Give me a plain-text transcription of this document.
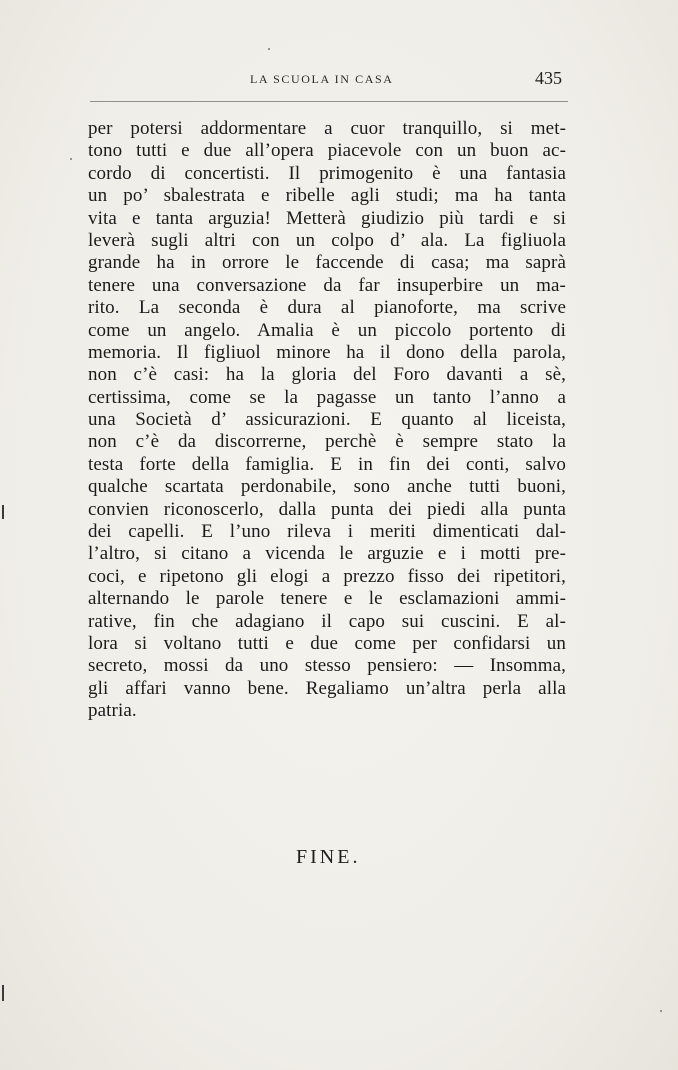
LA SCUOLA IN CASA	435
per potersi addormentare a cuor tranquillo, si met-
tono tutti e due all’opera piacevole con un buon ac-
cordo di concertisti. Il primogenito è una fantasia
un po’ sbalestrata e ribelle agli studi; ma ha tanta
vita e tanta arguzia! Metterà giudizio più tardi e si
leverà sugli altri con un colpo d’ ala. La figliuola
grande ha in orrore le faccende di casa; ma saprà
tenere una conversazione da far insuperbire un ma-
rito. La seconda è dura al pianoforte, ma scrive
come un angelo. Amalia è un piccolo portento di
memoria. Il figliuol minore ha il dono della parola,
non c’è casi: ha la gloria del Foro davanti a sè,
certissima, come se la pagasse un tanto l’anno a
una Società d’ assicurazioni. E quanto al liceista,
non c’è da discorrerne, perchè è sempre stato la
testa forte della famiglia. E in fin dei conti, salvo
qualche scartata perdonabile, sono anche tutti buoni,
convien riconoscerlo, dalla punta dei piedi alla punta
dei capelli. E l’uno rileva i meriti dimenticati dal-
l’altro, si citano a vicenda le arguzie e i motti pre-
coci, e ripetono gli elogi a prezzo fisso dei ripetitori,
alternando le parole tenere e le esclamazioni ammi-
rative, fin che adagiano il capo sui cuscini. E al-
lora si voltano tutti e due come per confidarsi un
secreto, mossi da uno stesso pensiero: — Insomma,
gli affari vanno bene. Regaliamo un’altra perla alla
patria.
FINE.
